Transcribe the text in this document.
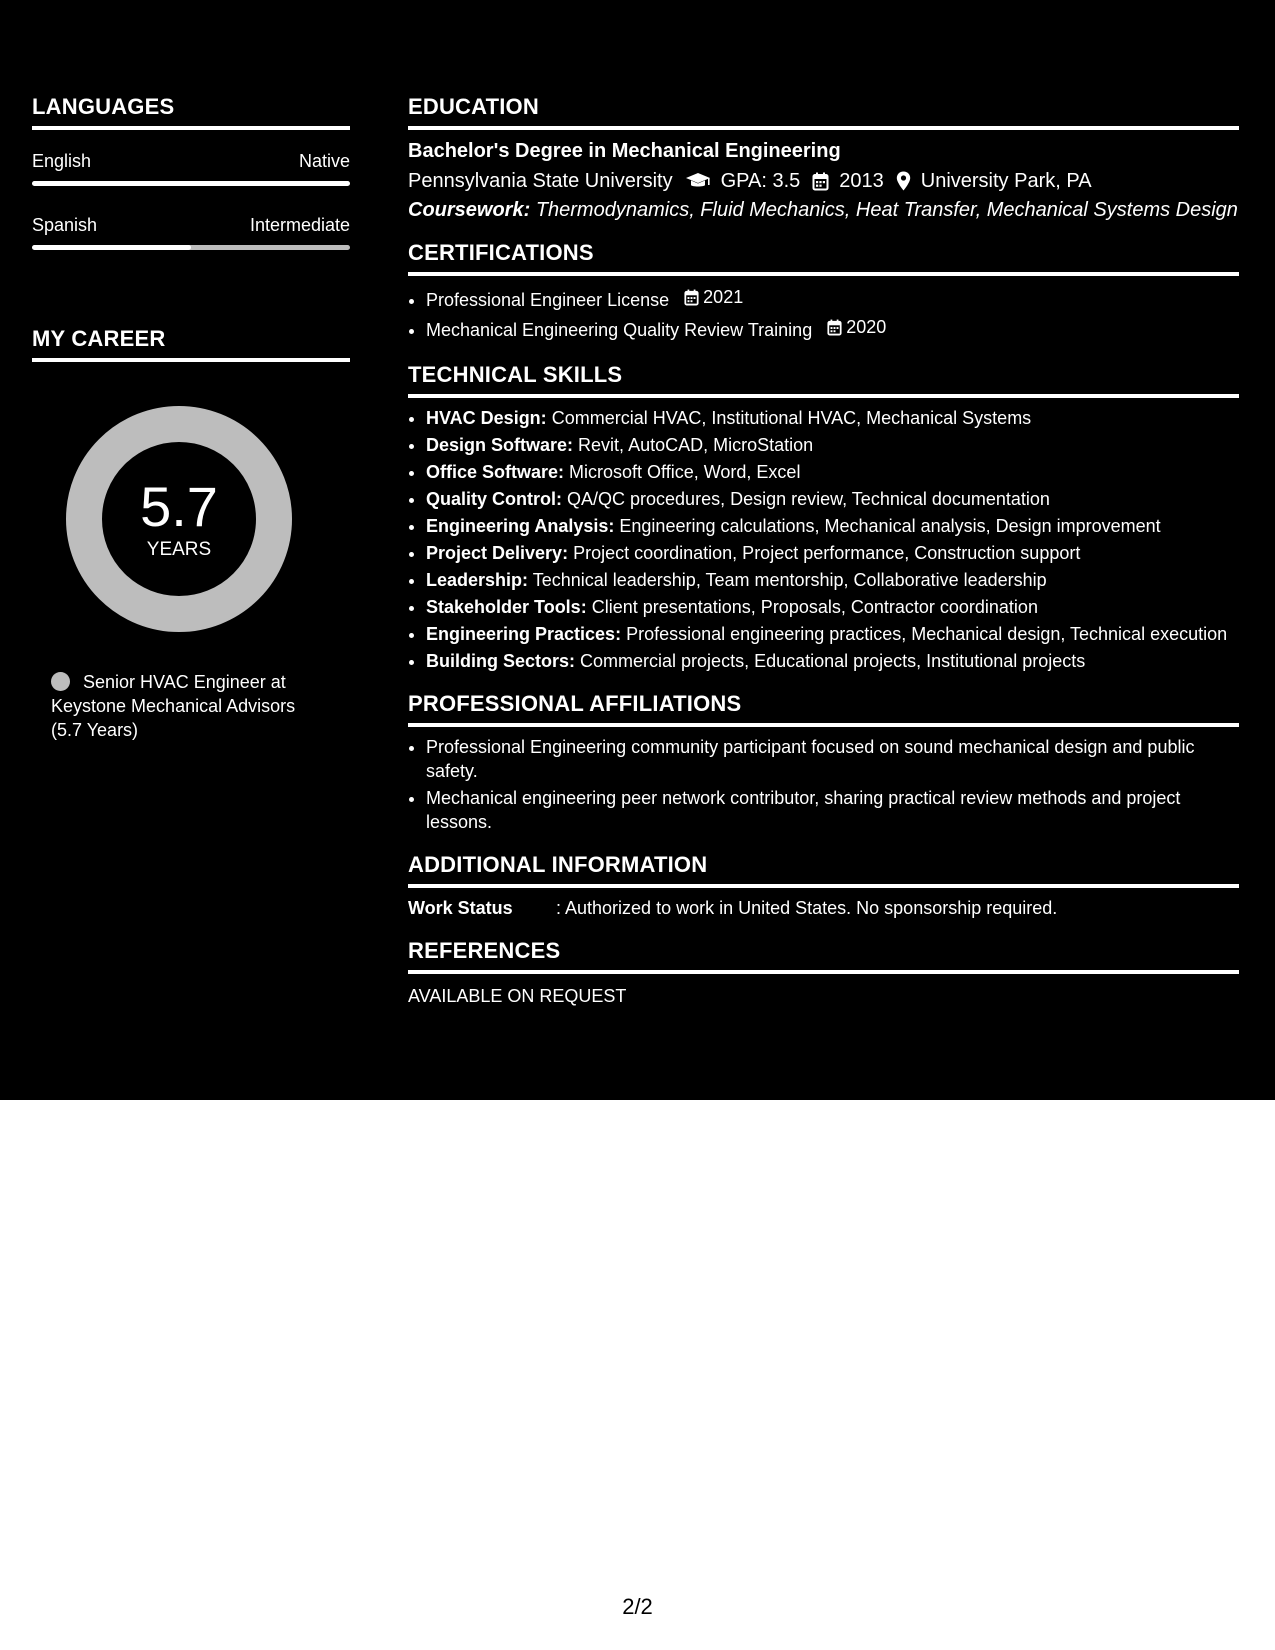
LANGUAGES
English	Native
Spanish	Intermediate
MY CAREER
5.7
YEARS
Senior HVAC Engineer at Keystone Mechanical Advisors (5.7 Years)
EDUCATION
Bachelor's Degree in Mechanical Engineering
Pennsylvania State University GPA: 3.5 2013 University Park, PA
Coursework: Thermodynamics, Fluid Mechanics, Heat Transfer, Mechanical Systems Design
CERTIFICATIONS
• Professional Engineer License 2021
• Mechanical Engineering Quality Review Training 2020
TECHNICAL SKILLS
• HVAC Design: Commercial HVAC, Institutional HVAC, Mechanical Systems
• Design Software: Revit, AutoCAD, MicroStation
• Office Software: Microsoft Office, Word, Excel
• Quality Control: QA/QC procedures, Design review, Technical documentation
• Engineering Analysis: Engineering calculations, Mechanical analysis, Design improvement
• Project Delivery: Project coordination, Project performance, Construction support
• Leadership: Technical leadership, Team mentorship, Collaborative leadership
• Stakeholder Tools: Client presentations, Proposals, Contractor coordination
• Engineering Practices: Professional engineering practices, Mechanical design, Technical execution
• Building Sectors: Commercial projects, Educational projects, Institutional projects
PROFESSIONAL AFFILIATIONS
• Professional Engineering community participant focused on sound mechanical design and public safety.
• Mechanical engineering peer network contributor, sharing practical review methods and project lessons.
ADDITIONAL INFORMATION
Work Status	: Authorized to work in United States. No sponsorship required.
REFERENCES
AVAILABLE ON REQUEST
2/2
